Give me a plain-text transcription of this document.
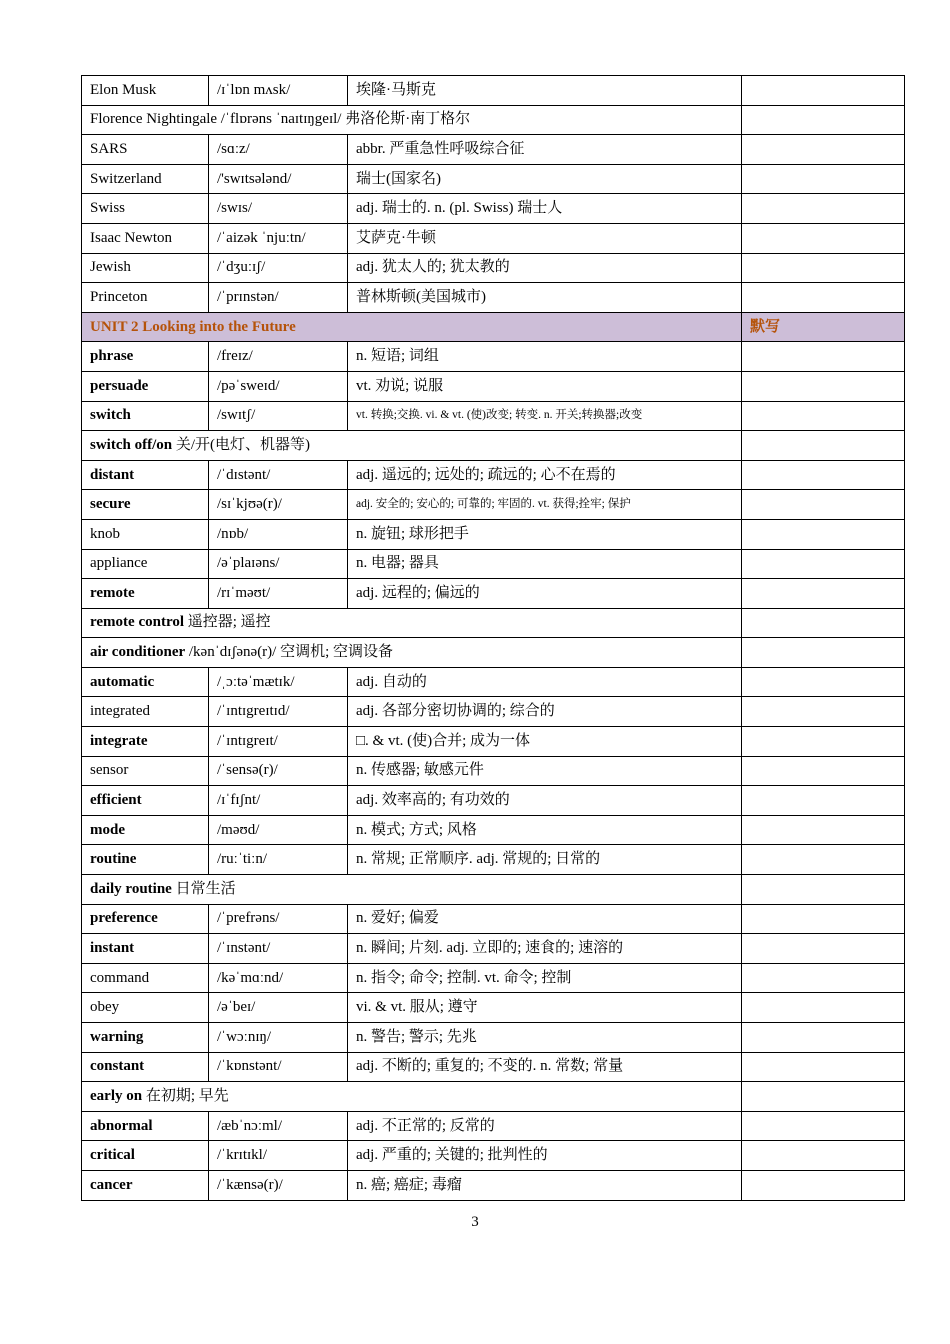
Elon Musk	/ɪˈlɒn mʌsk/	埃隆·马斯克	
Florence Nightingale /ˈflɒrəns ˈnaɪtɪŋgeɪl/ 弗洛伦斯·南丁格尔			
SARS	/sɑːz/	abbr. 严重急性呼吸综合征	
Switzerland	/'swɪtsələnd/	瑞士(国家名)	
Swiss	/swɪs/	adj. 瑞士的. n. (pl. Swiss) 瑞士人	
Isaac Newton	/ˈaizək ˈnjuːtn/	艾萨克·牛顿	
Jewish	/ˈdʒuːɪʃ/	adj. 犹太人的; 犹太教的	
Princeton	/ˈprɪnstən/	普林斯顿(美国城市)	
UNIT 2 Looking into the Future			默写
phrase	/freɪz/	n. 短语; 词组	
persuade	/pəˈsweɪd/	vt. 劝说; 说服	
switch	/swɪtʃ/	vt. 转换;交换. vi. & vt. (使)改变; 转变. n. 开关;转换器;改变	
switch off/on 关/开(电灯、机器等)			
distant	/ˈdɪstənt/	adj. 遥远的; 远处的; 疏远的; 心不在焉的	
secure	/sɪˈkjʊə(r)/	adj. 安全的; 安心的; 可靠的; 牢固的. vt. 获得;拴牢; 保护	
knob	/nɒb/	n. 旋钮; 球形把手	
appliance	/əˈplaɪəns/	n. 电器; 器具	
remote	/rɪˈməʊt/	adj. 远程的; 偏远的	
remote control 遥控器; 遥控			
air conditioner /kənˈdɪʃənə(r)/ 空调机; 空调设备			
automatic	/ˌɔːtəˈmætɪk/	adj. 自动的	
integrated	/ˈɪntɪgreɪtɪd/	adj. 各部分密切协调的; 综合的	
integrate	/ˈɪntɪgreɪt/	□. & vt. (使)合并; 成为一体	
sensor	/ˈsensə(r)/	n. 传感器; 敏感元件	
efficient	/ɪˈfɪʃnt/	adj. 效率高的; 有功效的	
mode	/məʊd/	n. 模式; 方式; 风格	
routine	/ruːˈtiːn/	n. 常规; 正常顺序. adj. 常规的; 日常的	
daily routine 日常生活			
preference	/ˈprefrəns/	n. 爱好; 偏爱	
instant	/ˈɪnstənt/	n. 瞬间; 片刻. adj. 立即的; 速食的; 速溶的	
command	/kəˈmɑːnd/	n. 指令; 命令; 控制. vt. 命令; 控制	
obey	/əˈbeɪ/	vi. & vt. 服从; 遵守	
warning	/ˈwɔːnɪŋ/	n. 警告; 警示; 先兆	
constant	/ˈkɒnstənt/	adj. 不断的; 重复的; 不变的. n. 常数; 常量	
early on 在初期; 早先			
abnormal	/æbˈnɔːml/	adj. 不正常的; 反常的	
critical	/ˈkrɪtɪkl/	adj. 严重的; 关键的; 批判性的	
cancer	/ˈkænsə(r)/	n. 癌; 癌症; 毒瘤	
3
